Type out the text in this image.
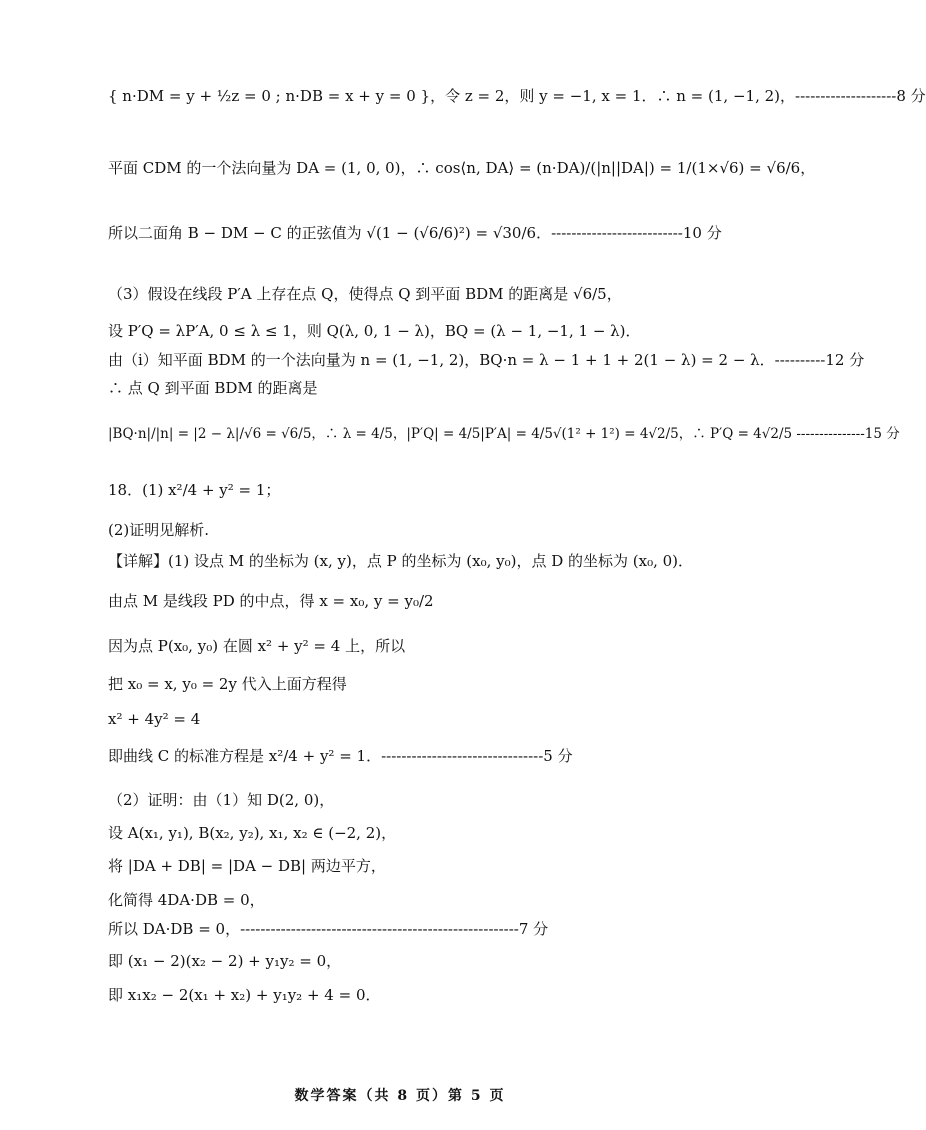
{ n·DM = y + ½z = 0 ; n·DB = x + y = 0 }，令 z = 2，则 y = −1, x = 1．∴ n = (1, −1, 2)，--------------------8 分
平面 CDM 的一个法向量为 DA = (1, 0, 0)，∴ cos⟨n, DA⟩ = (n·DA)/(|n||DA|) = 1/(1×√6) = √6/6，
所以二面角 B − DM − C 的正弦值为 √(1 − (√6/6)²) = √30/6．--------------------------10 分
（3）假设在线段 P′A 上存在点 Q，使得点 Q 到平面 BDM 的距离是 √6/5，
设 P′Q = λP′A, 0 ≤ λ ≤ 1，则 Q(λ, 0, 1 − λ)，BQ = (λ − 1, −1, 1 − λ)．
由（i）知平面 BDM 的一个法向量为 n = (1, −1, 2)，BQ·n = λ − 1 + 1 + 2(1 − λ) = 2 − λ．----------12 分
∴ 点 Q 到平面 BDM 的距离是
|BQ·n|/|n| = |2 − λ|/√6 = √6/5，∴ λ = 4/5，|P′Q| = 4/5|P′A| = 4/5√(1² + 1²) = 4√2/5，∴ P′Q = 4√2/5 ---------------15 分
18．(1) x²/4 + y² = 1；
(2)证明见解析.
【详解】(1) 设点 M 的坐标为 (x, y)，点 P 的坐标为 (x₀, y₀)，点 D 的坐标为 (x₀, 0)．
由点 M 是线段 PD 的中点，得 x = x₀, y = y₀/2
因为点 P(x₀, y₀) 在圆 x² + y² = 4 上，所以
把 x₀ = x, y₀ = 2y 代入上面方程得
x² + 4y² = 4
即曲线 C 的标准方程是 x²/4 + y² = 1．--------------------------------5 分
（2）证明：由（1）知 D(2, 0)，
设 A(x₁, y₁), B(x₂, y₂), x₁, x₂ ∈ (−2, 2)，
将 |DA + DB| = |DA − DB| 两边平方，
化简得 4DA·DB = 0，
所以 DA·DB = 0，-------------------------------------------------------7 分
即 (x₁ − 2)(x₂ − 2) + y₁y₂ = 0，
即 x₁x₂ − 2(x₁ + x₂) + y₁y₂ + 4 = 0．
数学答案（共 8 页）第 5 页
